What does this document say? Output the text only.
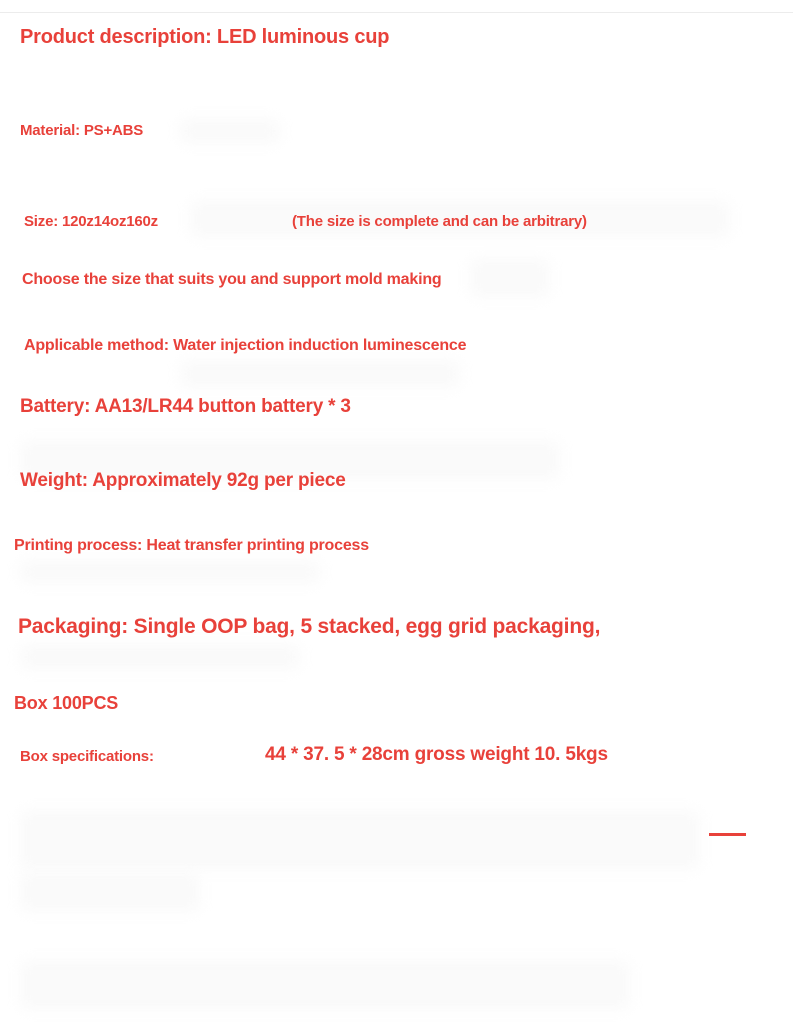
Product description: LED luminous cup
Material: PS+ABS
Size: 120z14oz160z	(The size is complete and can be arbitrary)
Choose the size that suits you and support mold making
Applicable method: Water injection induction luminescence
Battery: AA13/LR44 button battery * 3
Weight: Approximately 92g per piece
Printing process: Heat transfer printing process
Packaging: Single OOP bag, 5 stacked, egg grid packaging,
Box 100PCS
Box specifications:	44 * 37. 5 * 28cm gross weight 10. 5kgs
